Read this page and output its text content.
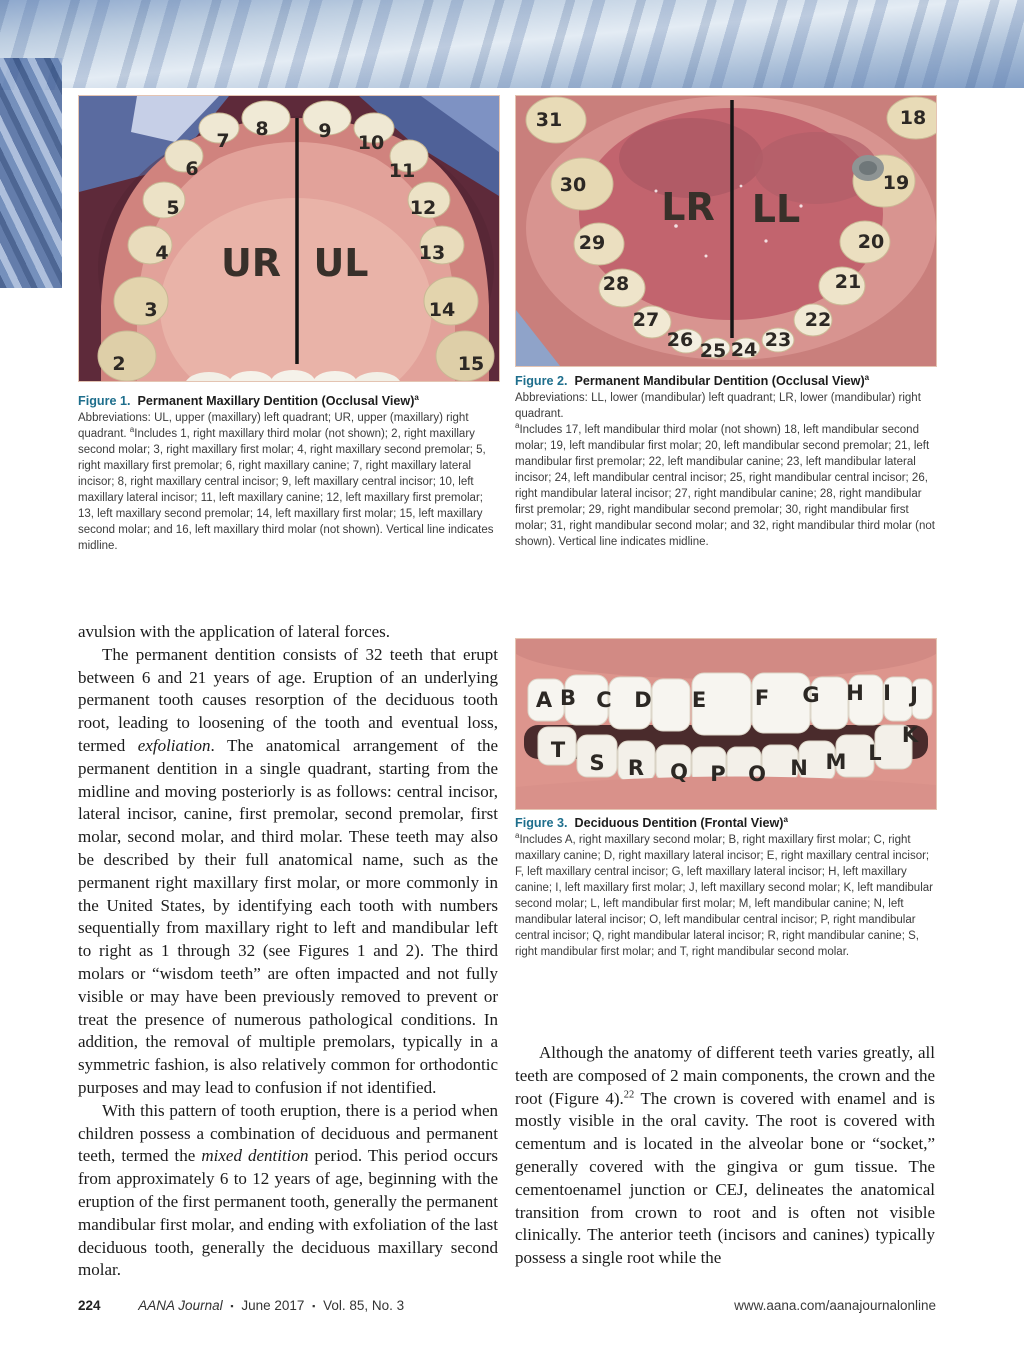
2
3
4
5
6
7
8	9
10
11
12
13
14
15
UR UL

Figure 1. Permanent Maxillary Dentition (Occlusal View)$^a$

Abbreviations: UL, upper (maxillary) left quadrant; UR, upper (maxillary) right quadrant. $^a$Includes 1, right maxillary third molar (not shown); 2, right maxillary second molar; 3, right maxillary first molar; 4, right maxillary second premolar; 5, right maxillary first premolar; 6, right maxillary canine; 7, right maxillary lateral incisor; 8, right maxillary central incisor; 9, left maxillary central incisor; 10, left maxillary lateral incisor; 11, left maxillary canine; 12, left maxillary first premolar; 13, left maxillary second premolar; 14, left maxillary first molar; 15, left maxillary second molar; and 16, left maxillary third molar (not shown). Vertical line indicates midline.

31
30
29
28
27
26 25 24 23
22
21
20
19
18
LR LL

Figure 2. Permanent Mandibular Dentition (Occlusal View)$^a$

Abbreviations: LL, lower (mandibular) left quadrant; LR, lower (mandibular) right quadrant.

$^a$Includes 17, left mandibular third molar (not shown) 18, left mandibular second molar; 19, left mandibular first molar; 20, left mandibular second premolar; 21, left mandibular first premolar; 22, left mandibular canine; 23, left mandibular lateral incisor; 24, left mandibular central incisor; 25, right mandibular central incisor; 26, right mandibular lateral incisor; 27, right mandibular canine; 28, right mandibular first premolar; 29, right mandibular second premolar; 30, right mandibular first molar; 31, right mandibular second molar; and 32, right mandibular third molar (not shown). Vertical line indicates midline.

A B C D E F G H I J
T
S R Q P O N M L
K

Figure 3. Deciduous Dentition (Frontal View)$^a$

$^a$Includes A, right maxillary second molar; B, right maxillary first molar; C, right maxillary canine; D, right maxillary lateral incisor; E, right maxillary central incisor; F, left maxillary central incisor; G, left maxillary lateral incisor; H, left maxillary canine; I, left maxillary first molar; J, left maxillary second molar; K, left mandibular second molar; L, left mandibular first molar; M, left mandibular canine; N, left mandibular lateral incisor; O, left mandibular central incisor; P, right mandibular central incisor; Q, right mandibular lateral incisor; R, right mandibular canine; S, right mandibular first molar; and T, right mandibular second molar.

avulsion with the application of lateral forces.

The permanent dentition consists of 32 teeth that erupt between 6 and 21 years of age. Eruption of an underlying permanent tooth causes resorption of the deciduous tooth root, leading to loosening of the tooth and eventual loss, termed exfoliation. The anatomical arrangement of the permanent dentition in a single quadrant, starting from the midline and moving posteriorly is as follows: central incisor, lateral incisor, canine, first premolar, second premolar, first molar, second molar, and third molar. These teeth may also be described by their full anatomical name, such as the permanent right maxillary first molar, or more commonly in the United States, by identifying each tooth with numbers sequentially from maxillary right to left and mandibular left to right as 1 through 32 (see Figures 1 and 2). The third molars or “wisdom teeth” are often impacted and not fully visible or may have been previously removed to prevent or treat the presence of numerous pathological conditions. In addition, the removal of multiple premolars, typically in a symmetric fashion, is also relatively common for orthodontic purposes and may lead to confusion if not identified.

With this pattern of tooth eruption, there is a period when children possess a combination of deciduous and permanent teeth, termed the mixed dentition period. This period occurs from approximately 6 to 12 years of age, beginning with the eruption of the first permanent tooth, generally the permanent mandibular first molar, and ending with exfoliation of the last deciduous tooth, generally the deciduous maxillary second molar.

Although the anatomy of different teeth varies greatly, all teeth are composed of 2 main components, the crown and the root (Figure 4).$^{22}$ The crown is covered with enamel and is mostly visible in the oral cavity. The root is covered with cementum and is located in the alveolar bone or “socket,” generally covered with the gingiva or gum tissue. The cementoenamel junction or CEJ, delineates the anatomical transition from crown to root and is often not visible clinically. The anterior teeth (incisors and canines) typically possess a single root while the

224	AANA Journal ▪ June 2017 ▪ Vol. 85, No. 3	www.aana.com/aanajournalonline
